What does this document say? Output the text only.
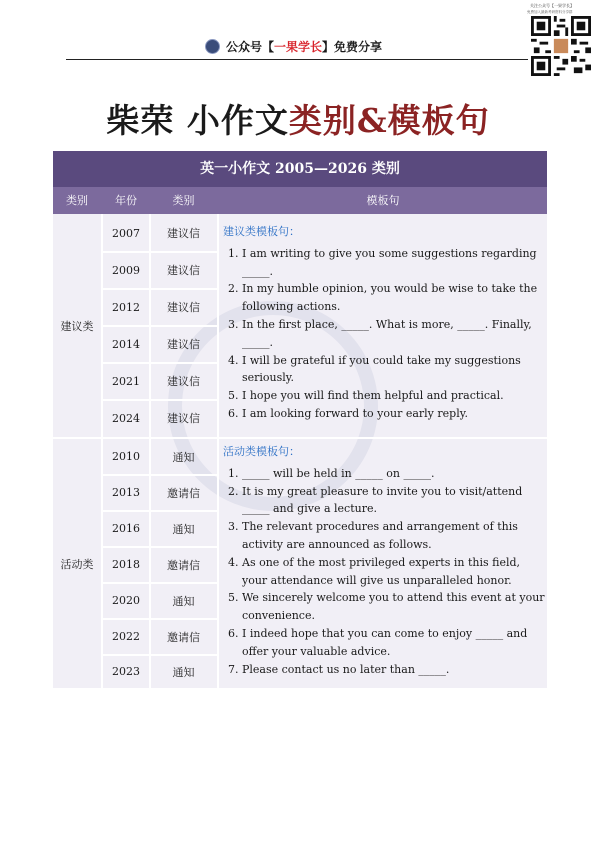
公众号【 一果学长 】免费分享
关注公众号【一果学长】
免费加入最新考研资料分享群
柴荣 小作文类别&模板句
英一小作文 2005—2026 类别
类别	年份	类别	模板句
建议类
2007	建议信
2009	建议信
2012	建议信
2014	建议信
2021	建议信
2024	建议信
建议类模板句：
1. I am writing to give you some suggestions regarding _____.
2. In my humble opinion, you would be wise to take the following actions.
3. In the first place, _____. What is more, _____. Finally, _____.
4. I will be grateful if you could take my suggestions seriously.
5. I hope you will find them helpful and practical.
6. I am looking forward to your early reply.
活动类
2010	通知
2013	邀请信
2016	通知
2018	邀请信
2020	通知
2022	邀请信
2023	通知
活动类模板句：
1. _____ will be held in _____ on _____.
2. It is my great pleasure to invite you to visit/attend _____ and give a lecture.
3. The relevant procedures and arrangement of this activity are announced as follows.
4. As one of the most privileged experts in this field, your attendance will give us unparalleled honor.
5. We sincerely welcome you to attend this event at your convenience.
6. I indeed hope that you can come to enjoy _____ and offer your valuable advice.
7. Please contact us no later than _____.
